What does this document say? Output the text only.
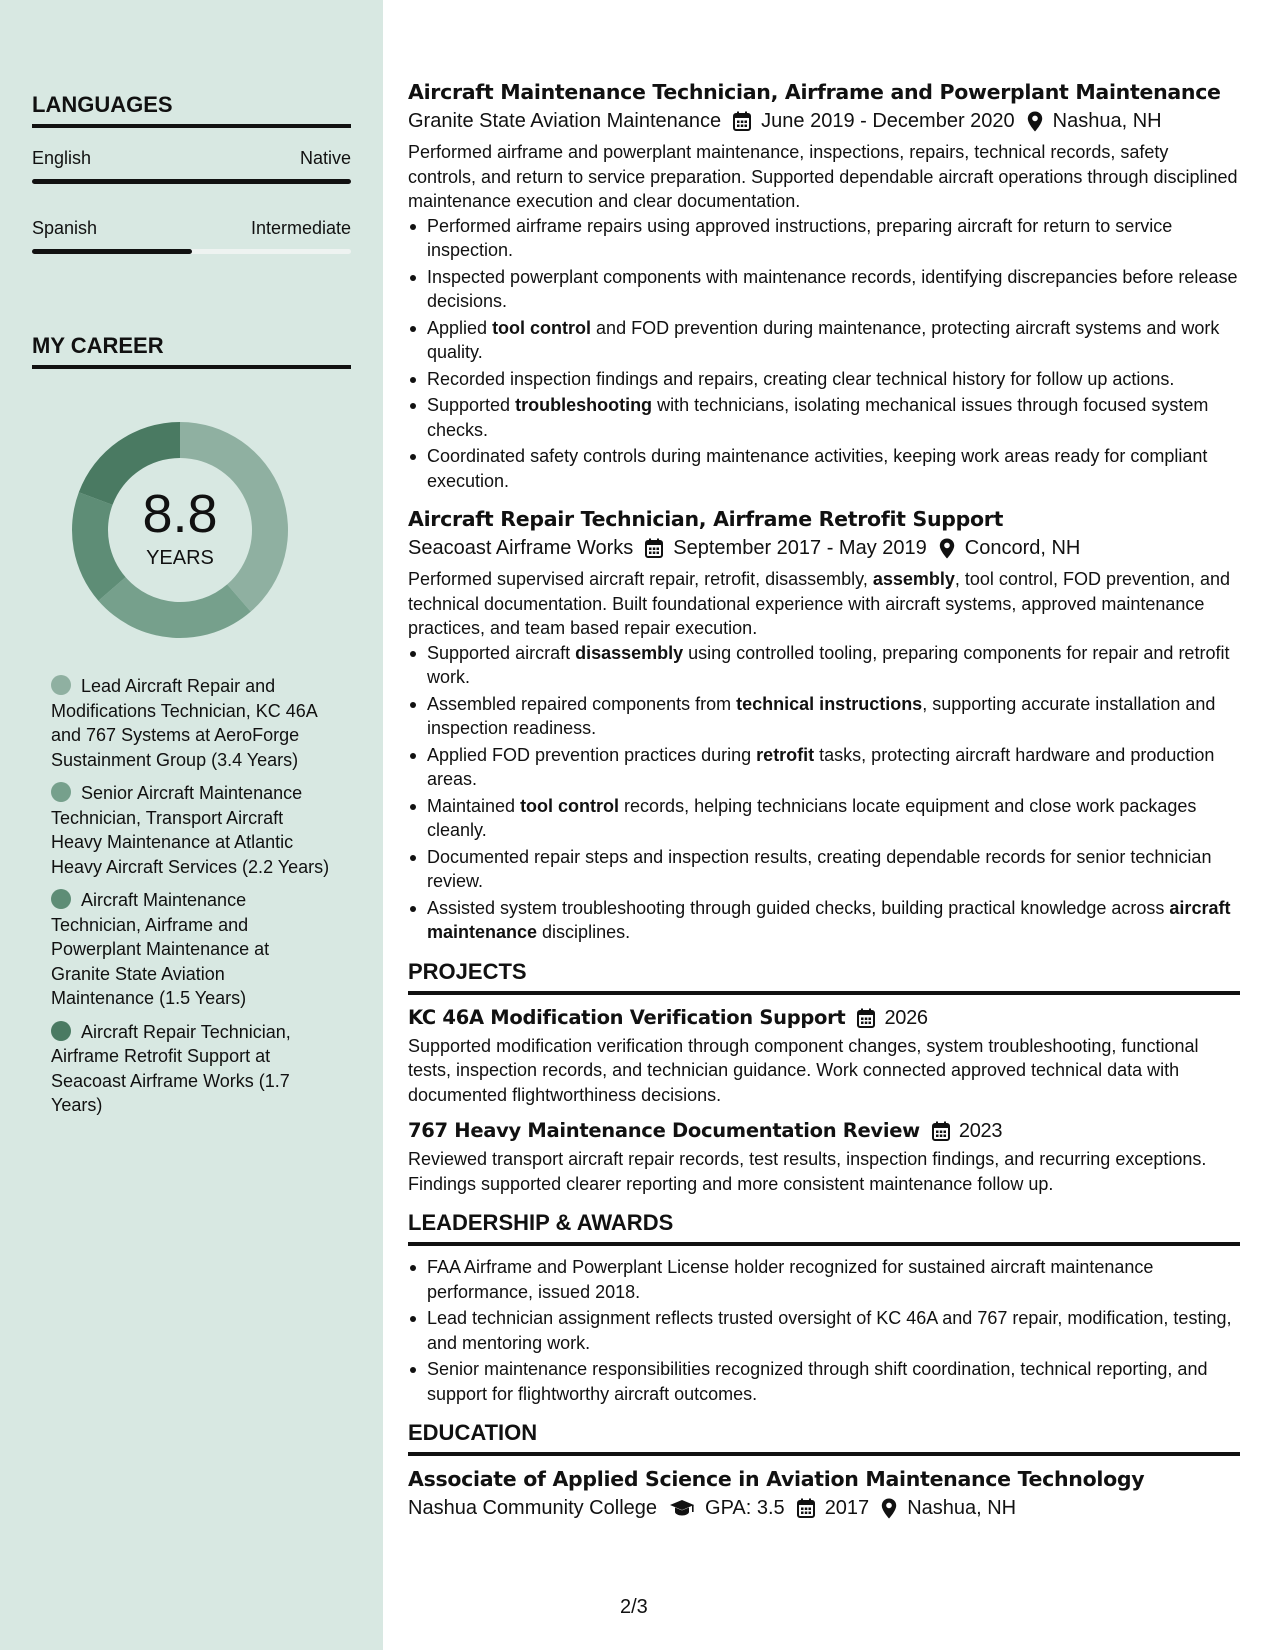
LANGUAGES
English	Native
Spanish	Intermediate
MY CAREER
8.8
YEARS
Lead Aircraft Repair and Modifications Technician, KC 46A and 767 Systems at AeroForge Sustainment Group (3.4 Years)
Senior Aircraft Maintenance Technician, Transport Aircraft Heavy Maintenance at Atlantic Heavy Aircraft Services (2.2 Years)
Aircraft Maintenance Technician, Airframe and Powerplant Maintenance at Granite State Aviation Maintenance (1.5 Years)
Aircraft Repair Technician, Airframe Retrofit Support at Seacoast Airframe Works (1.7 Years)
Aircraft Maintenance Technician, Airframe and Powerplant Maintenance
Granite State Aviation Maintenance June 2019 - December 2020 Nashua, NH
Performed airframe and powerplant maintenance, inspections, repairs, technical records, safety controls, and return to service preparation. Supported dependable aircraft operations through disciplined maintenance execution and clear documentation.
Performed airframe repairs using approved instructions, preparing aircraft for return to service inspection.
Inspected powerplant components with maintenance records, identifying discrepancies before release decisions.
Applied tool control and FOD prevention during maintenance, protecting aircraft systems and work quality.
Recorded inspection findings and repairs, creating clear technical history for follow up actions.
Supported troubleshooting with technicians, isolating mechanical issues through focused system checks.
Coordinated safety controls during maintenance activities, keeping work areas ready for compliant execution.
Aircraft Repair Technician, Airframe Retrofit Support
Seacoast Airframe Works September 2017 - May 2019 Concord, NH
Performed supervised aircraft repair, retrofit, disassembly, assembly, tool control, FOD prevention, and technical documentation. Built foundational experience with aircraft systems, approved maintenance practices, and team based repair execution.
Supported aircraft disassembly using controlled tooling, preparing components for repair and retrofit work.
Assembled repaired components from technical instructions, supporting accurate installation and inspection readiness.
Applied FOD prevention practices during retrofit tasks, protecting aircraft hardware and production areas.
Maintained tool control records, helping technicians locate equipment and close work packages cleanly.
Documented repair steps and inspection results, creating dependable records for senior technician review.
Assisted system troubleshooting through guided checks, building practical knowledge across aircraft maintenance disciplines.
PROJECTS
KC 46A Modification Verification Support 2026
Supported modification verification through component changes, system troubleshooting, functional tests, inspection records, and technician guidance. Work connected approved technical data with documented flightworthiness decisions.
767 Heavy Maintenance Documentation Review 2023
Reviewed transport aircraft repair records, test results, inspection findings, and recurring exceptions. Findings supported clearer reporting and more consistent maintenance follow up.
LEADERSHIP & AWARDS
FAA Airframe and Powerplant License holder recognized for sustained aircraft maintenance performance, issued 2018.
Lead technician assignment reflects trusted oversight of KC 46A and 767 repair, modification, testing, and mentoring work.
Senior maintenance responsibilities recognized through shift coordination, technical reporting, and support for flightworthy aircraft outcomes.
EDUCATION
Associate of Applied Science in Aviation Maintenance Technology
Nashua Community College GPA: 3.5 2017 Nashua, NH
2/3
